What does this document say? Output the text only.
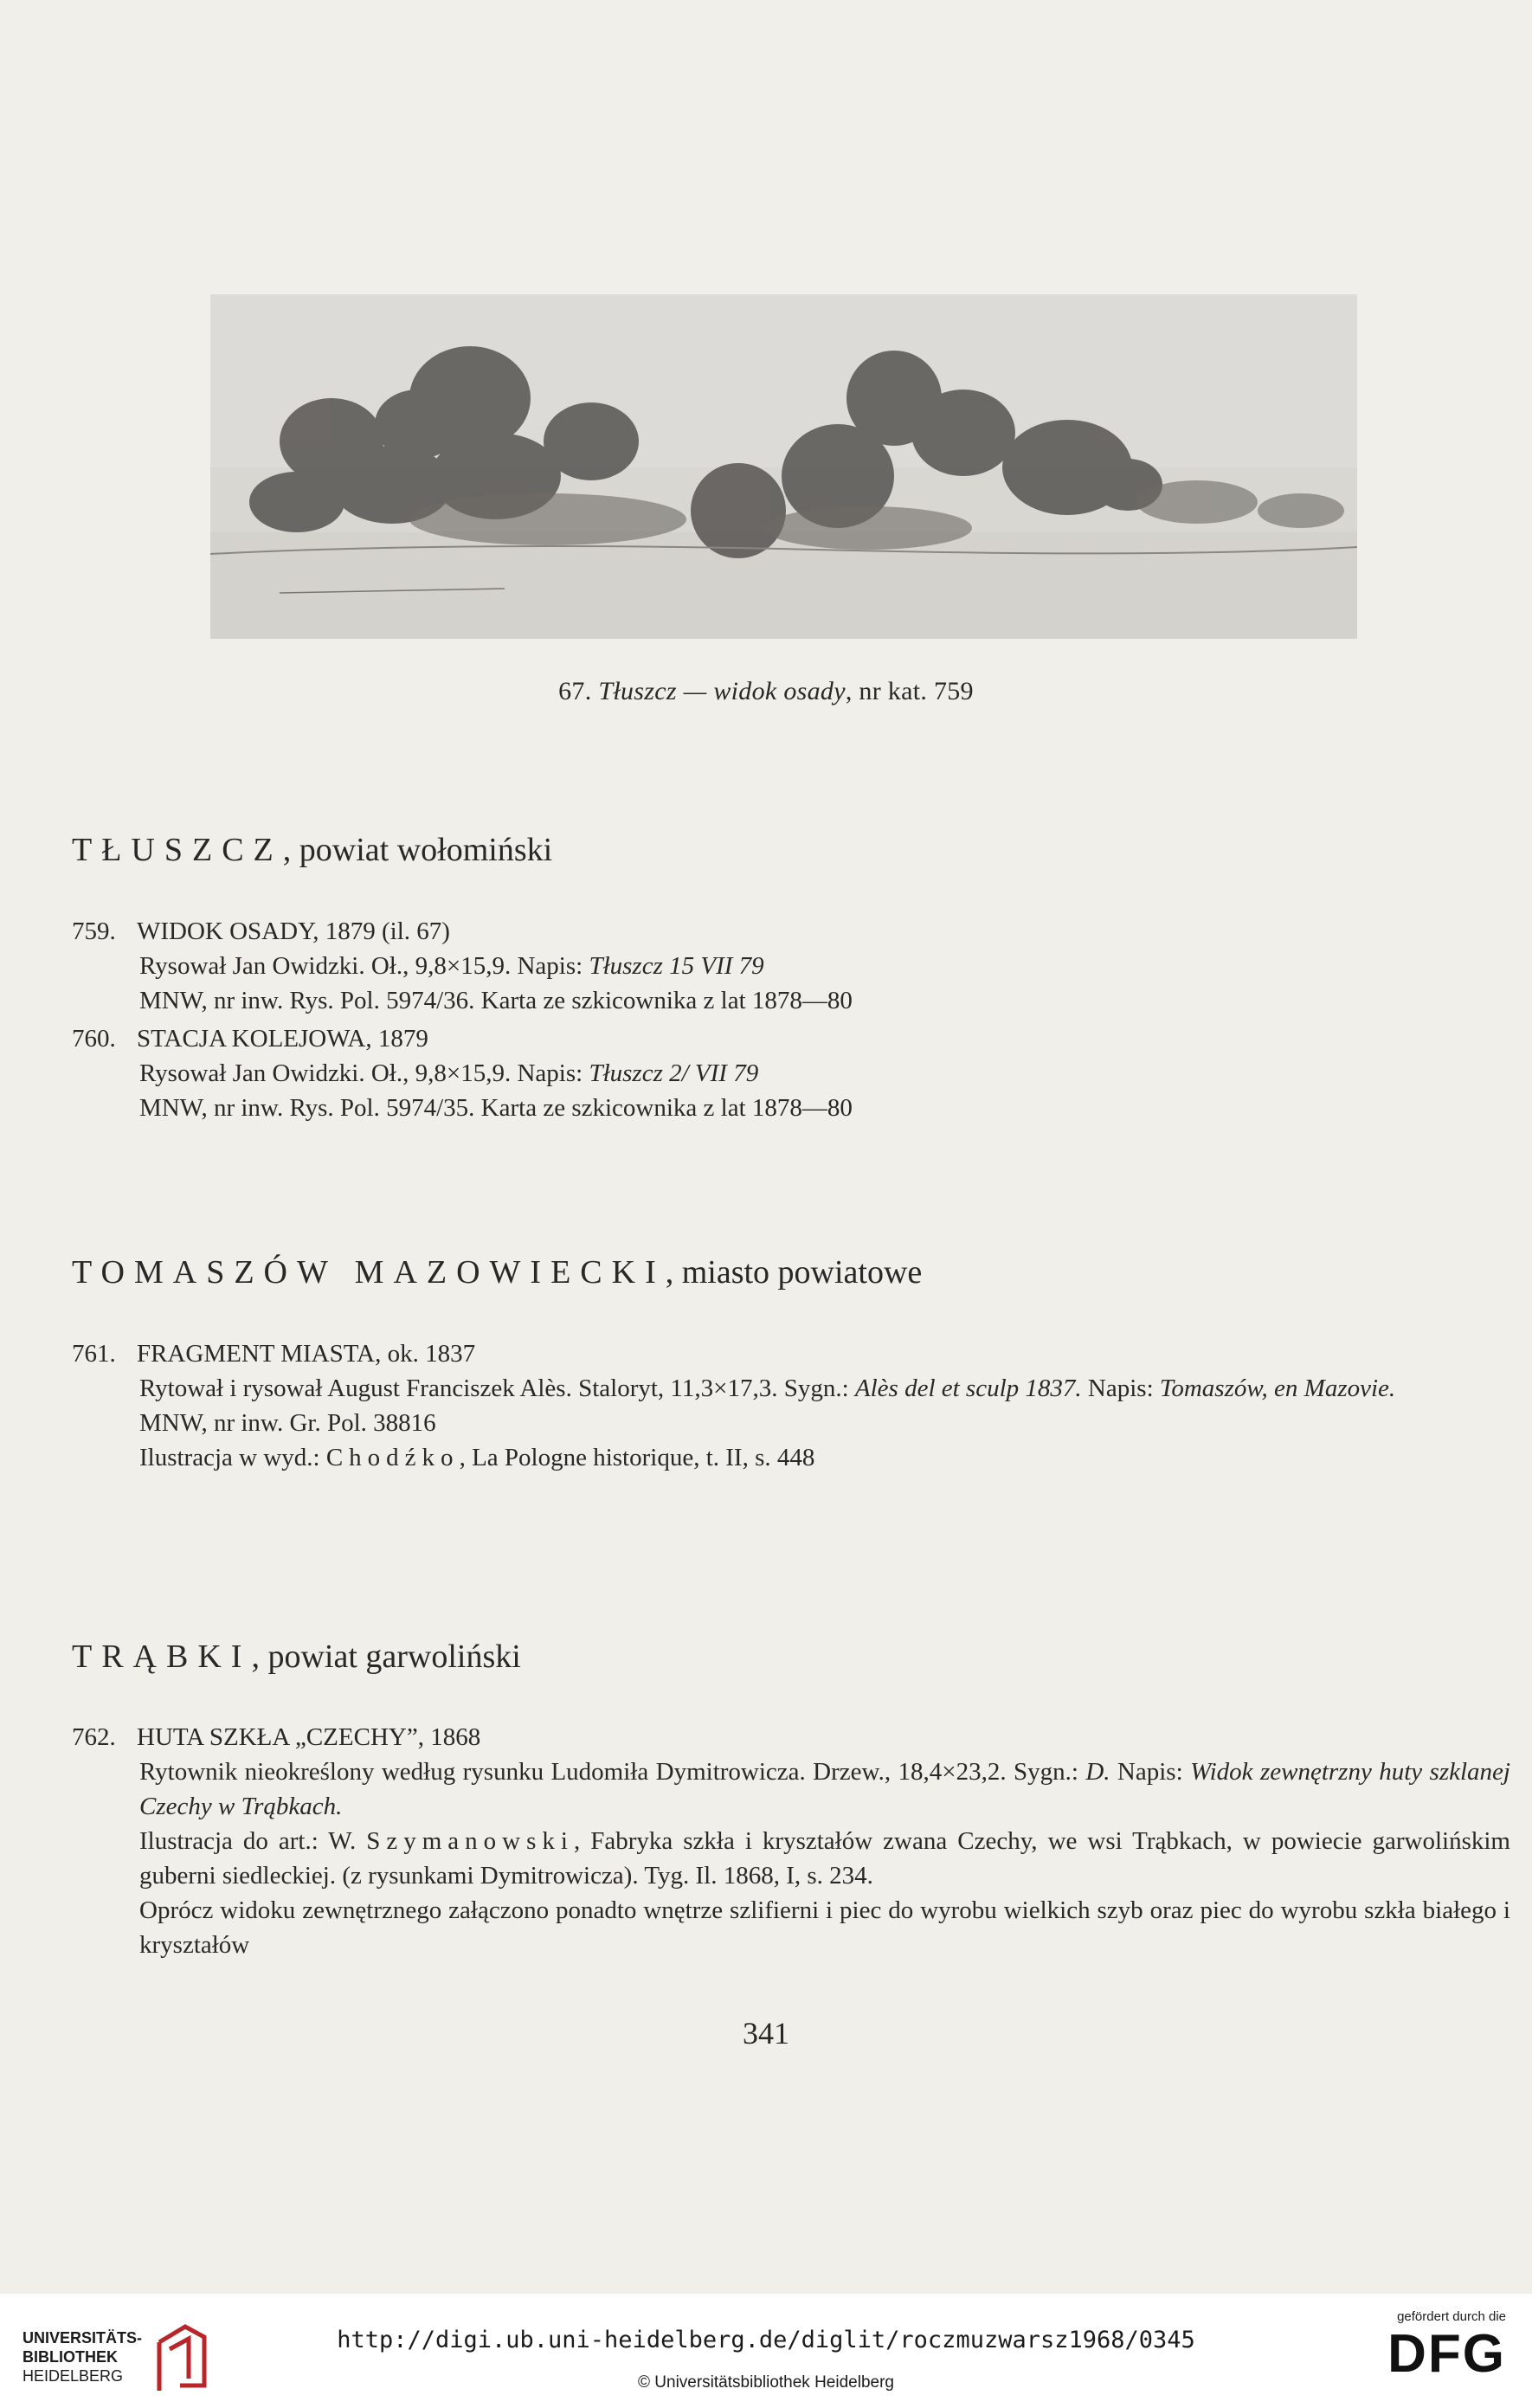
67. Tłuszcz — widok osady, nr kat. 759
TŁUSZCZ, powiat wołomiński
759. WIDOK OSADY, 1879 (il. 67)

Rysował Jan Owidzki. Oł., 9,8×15,9. Napis: Tłuszcz 15 VII 79

MNW, nr inw. Rys. Pol. 5974/36. Karta ze szkicownika z lat 1878—80

760. STACJA KOLEJOWA, 1879

Rysował Jan Owidzki. Oł., 9,8×15,9. Napis: Tłuszcz 2/ VII 79

MNW, nr inw. Rys. Pol. 5974/35. Karta ze szkicownika z lat 1878—80

TOMASZÓW MAZOWIECKI, miasto powiatowe
761. FRAGMENT MIASTA, ok. 1837

Rytował i rysował August Franciszek Alès. Staloryt, 11,3×17,3. Sygn.: Alès del et sculp 1837. Napis: Tomaszów, en Mazovie.

MNW, nr inw. Gr. Pol. 38816

Ilustracja w wyd.: Chodźko, La Pologne historique, t. II, s. 448

TRĄBKI, powiat garwoliński
762. HUTA SZKŁA „CZECHY”, 1868

Rytownik nieokreślony według rysunku Ludomiła Dymitrowicza. Drzew., 18,4×23,2. Sygn.: D. Napis: Widok zewnętrzny huty szklanej Czechy w Trąbkach.

Ilustracja do art.: W. Szymanowski, Fabryka szkła i kryształów zwana Czechy, we wsi Trąbkach, w powiecie garwolińskim guberni siedleckiej. (z rysunkami Dymitrowicza). Tyg. Il. 1868, I, s. 234.

Oprócz widoku zewnętrznego załączono ponadto wnętrze szlifierni i piec do wyrobu wielkich szyb oraz piec do wyrobu szkła białego i kryształów

341
UNIVERSITÄTS-
BIBLIOTHEK
HEIDELBERG
http://digi.ub.uni-heidelberg.de/diglit/roczmuzwarsz1968/0345
© Universitätsbibliothek Heidelberg
gefördert durch die
DFG
